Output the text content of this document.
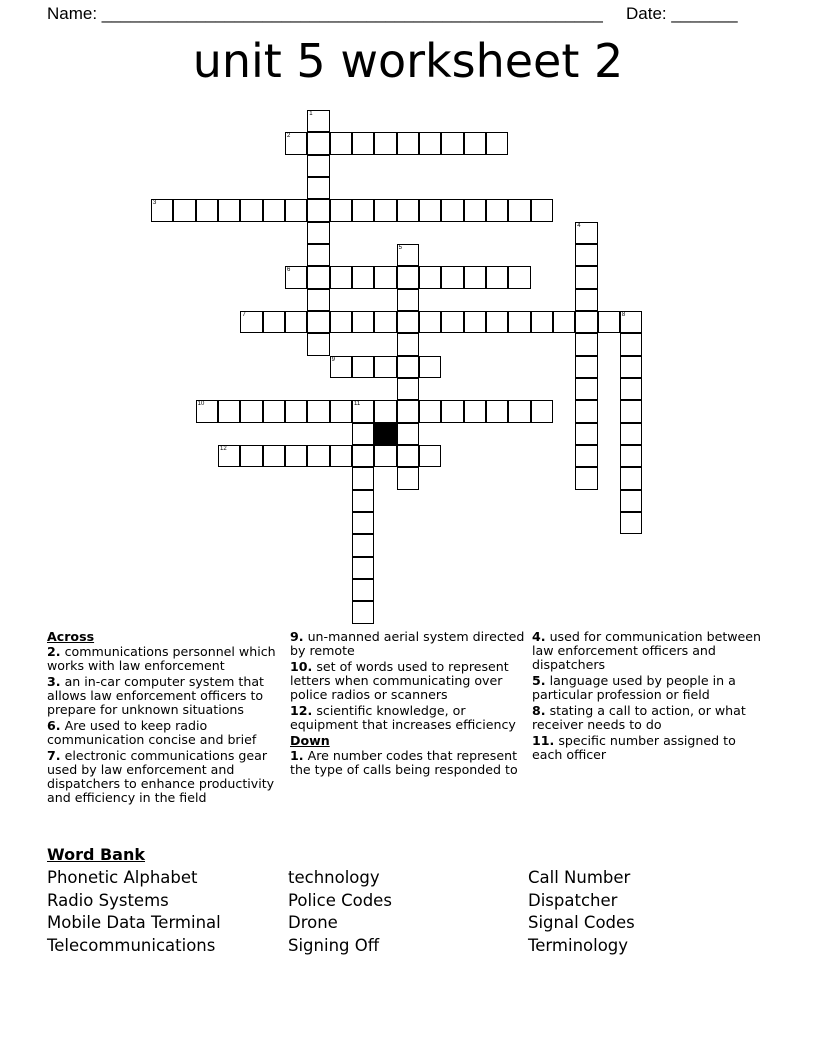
Name: _____________________________________________________ Date: _______
unit 5 worksheet 2
1
2
3
4
5
6
7	8
9
10	11
12
Across
2. communications personnel which works with law enforcement
3. an in-car computer system that allows law enforcement officers to prepare for unknown situations
6. Are used to keep radio communication concise and brief
7. electronic communications gear used by law enforcement and dispatchers to enhance productivity and efficiency in the field
9. un-manned aerial system directed by remote
10. set of words used to represent letters when communicating over police radios or scanners
12. scientific knowledge, or equipment that increases efficiency
Down
1. Are number codes that represent the type of calls being responded to
4. used for communication between law enforcement officers and dispatchers
5. language used by people in a particular profession or field
8. stating a call to action, or what receiver needs to do
11. specific number assigned to each officer
Word Bank
Phonetic Alphabet
Radio Systems
Mobile Data Terminal
Telecommunications
technology
Police Codes
Drone
Signing Off
Call Number
Dispatcher
Signal Codes
Terminology
